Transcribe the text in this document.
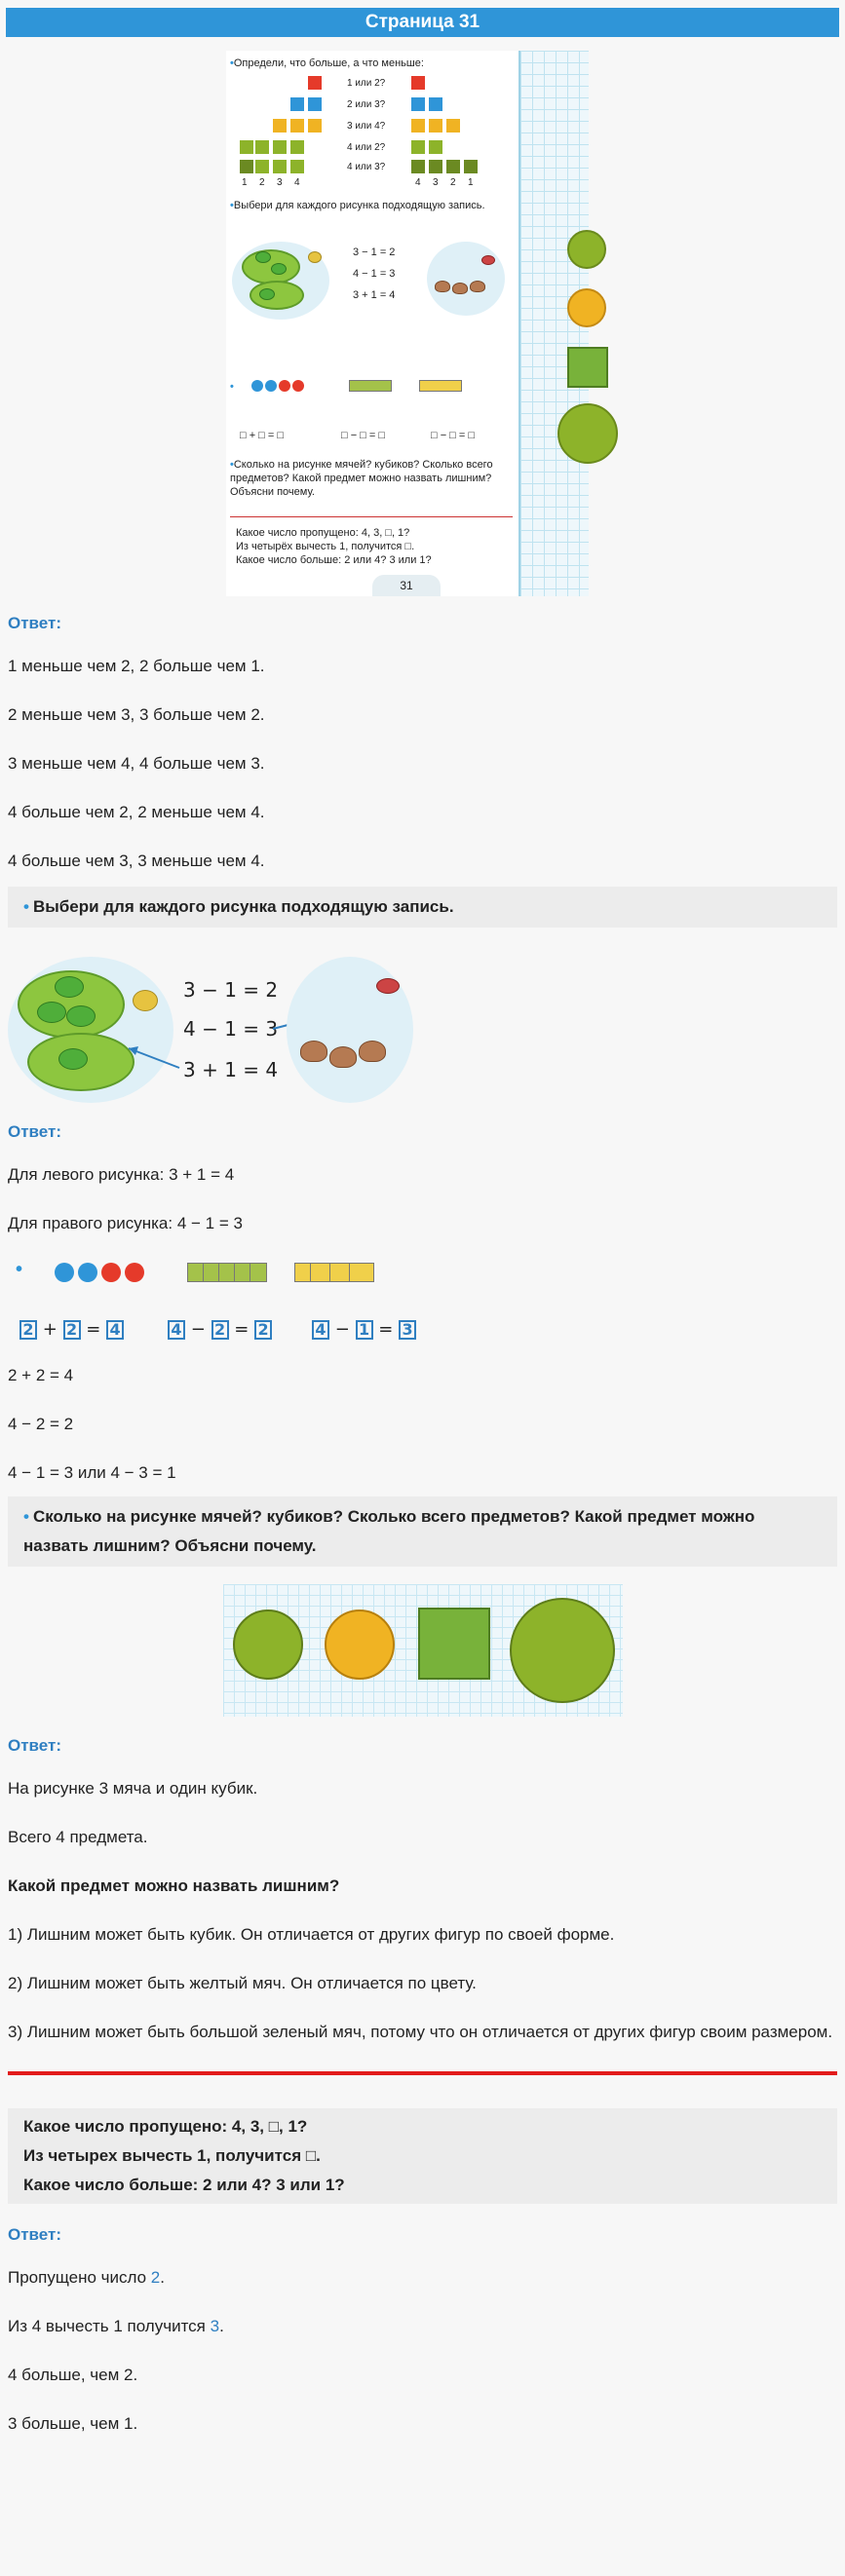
Страница 31
•Определи, что больше, а что меньше:
1 2 3 4
1 или 2?
2 или 3?
3 или 4?
4 или 2?
4 или 3?
4 3 2 1
•Выбери для каждого рисунка подходящую запись.
3 − 1 = 2
4 − 1 = 3
3 + 1 = 4
•
□ + □ = □	□ − □ = □	□ − □ = □
•Сколько на рисунке мячей? кубиков? Сколько всего предметов? Какой предмет можно назвать лишним? Объясни почему.
Какое число пропущено: 4, 3, □, 1?
Из четырёх вычесть 1, получится □.
Какое число больше: 2 или 4? 3 или 1?
31
Ответ:
1 меньше чем 2, 2 больше чем 1.
2 меньше чем 3, 3 больше чем 2.
3 меньше чем 4, 4 больше чем 3.
4 больше чем 2, 2 меньше чем 4.
4 больше чем 3, 3 меньше чем 4.
• Выбери для каждого рисунка подходящую запись.
3 − 1 = 2
4 − 1 = 3
3 + 1 = 4
Ответ:
Для левого рисунка: 3 + 1 = 4
Для правого рисунка: 4 − 1 = 3
•
2 + 2 = 4	4 − 2 = 2	4 − 1 = 3
2 + 2 = 4
4 − 2 = 2
4 − 1 = 3 или 4 − 3 = 1
• Сколько на рисунке мячей? кубиков? Сколько всего предметов? Какой предмет можно назвать лишним? Объясни почему.
Ответ:
На рисунке 3 мяча и один кубик.
Всего 4 предмета.
Какой предмет можно назвать лишним?
1) Лишним может быть кубик. Он отличается от других фигур по своей форме.
2) Лишним может быть желтый мяч. Он отличается по цвету.
3) Лишним может быть большой зеленый мяч, потому что он отличается от других фигур своим размером.
Какое число пропущено: 4, 3, □, 1?
Из четырех вычесть 1, получится □.
Какое число больше: 2 или 4? 3 или 1?
Ответ:
Пропущено число 2.
Из 4 вычесть 1 получится 3.
4 больше, чем 2.
3 больше, чем 1.
